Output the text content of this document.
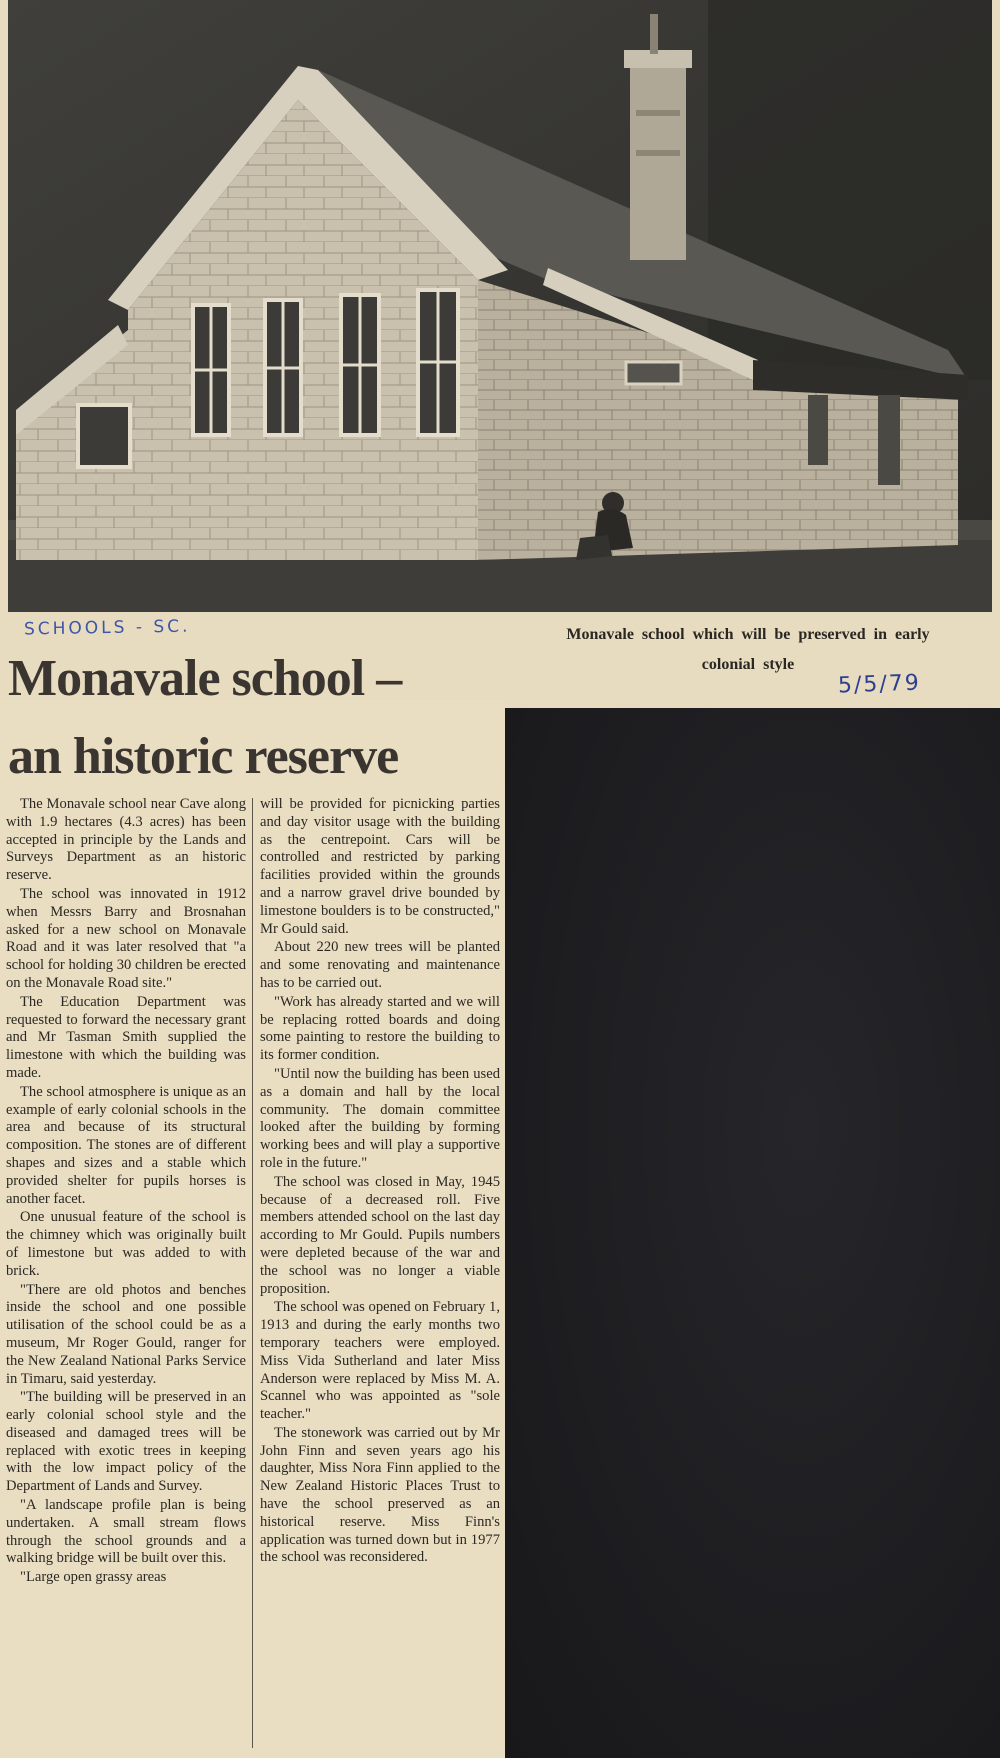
SCHOOLS - SC.	Monavale school which will be preserved in early
colonial style
5/5/79
Monavale school –
an historic reserve

The Monavale school near Cave along with 1.9 hectares (4.3 acres) has been accepted in principle by the Lands and Surveys Department as an historic reserve.

The school was innovated in 1912 when Messrs Barry and Brosnahan asked for a new school on Monavale Road and it was later resolved that "a school for holding 30 children be erected on the Monavale Road site."

The Education Department was requested to forward the necessary grant and Mr Tasman Smith supplied the limestone with which the building was made.

The school atmosphere is unique as an example of early colonial schools in the area and because of its structural composition. The stones are of different shapes and sizes and a stable which provided shelter for pupils horses is another facet.

One unusual feature of the school is the chimney which was originally built of limestone but was added to with brick.

"There are old photos and benches inside the school and one possible utilisation of the school could be as a museum, Mr Roger Gould, ranger for the New Zealand National Parks Service in Timaru, said yesterday.

"The building will be preserved in an early colonial school style and the diseased and damaged trees will be replaced with exotic trees in keeping with the low impact policy of the Department of Lands and Survey.

"A landscape profile plan is being undertaken. A small stream flows through the school grounds and a walking bridge will be built over this.

"Large open grassy areas

will be provided for picnicking parties and day visitor usage with the building as the centrepoint. Cars will be controlled and restricted by parking facilities provided within the grounds and a narrow gravel drive bounded by limestone boulders is to be constructed," Mr Gould said.

About 220 new trees will be planted and some renovating and maintenance has to be carried out.

"Work has already started and we will be replacing rotted boards and doing some painting to restore the building to its former condition.

"Until now the building has been used as a domain and hall by the local community. The domain committee looked after the building by forming working bees and will play a supportive role in the future."

The school was closed in May, 1945 because of a decreased roll. Five members attended school on the last day according to Mr Gould. Pupils numbers were depleted because of the war and the school was no longer a viable proposition.

The school was opened on February 1, 1913 and during the early months two temporary teachers were employed. Miss Vida Sutherland and later Miss Anderson were replaced by Miss M. A. Scannel who was appointed as "sole teacher."

The stonework was carried out by Mr John Finn and seven years ago his daughter, Miss Nora Finn applied to the New Zealand Historic Places Trust to have the school preserved as an historical reserve. Miss Finn's application was turned down but in 1977 the school was reconsidered.
